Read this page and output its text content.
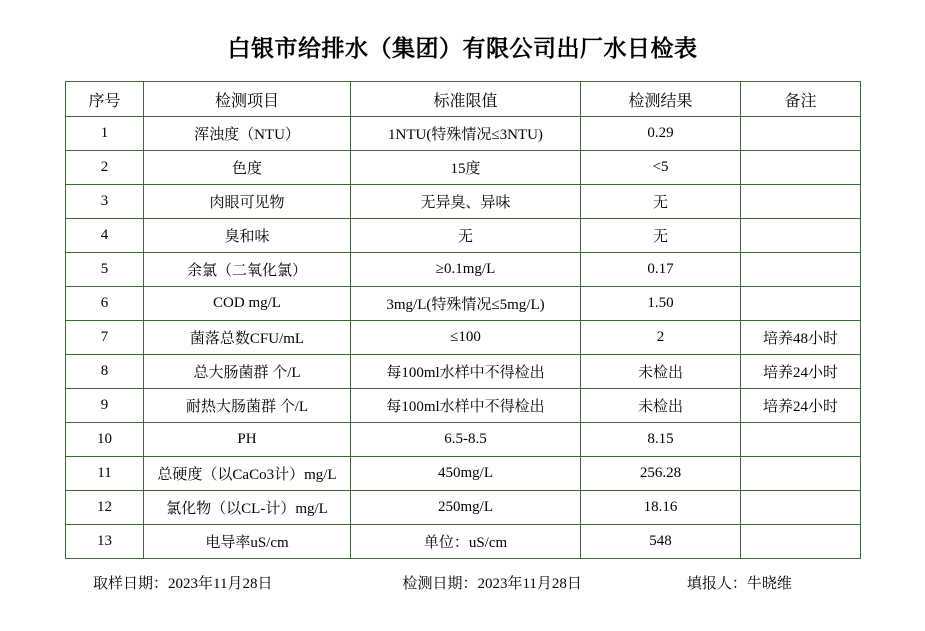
白银市给排水（集团）有限公司出厂水日检表
序号	检测项目	标准限值	检测结果	备注
1	浑浊度（NTU）	1NTU(特殊情况≤3NTU)	0.29	
2	色度	15度	<5	
3	肉眼可见物	无异臭、异味	无	
4	臭和味	无	无	
5	余氯（二氧化氯）	≥0.1mg/L	0.17	
6	COD mg/L	3mg/L(特殊情况≤5mg/L)	1.50	
7	菌落总数CFU/mL	≤100	2	培养48小时
8	总大肠菌群 个/L	每100ml水样中不得检出	未检出	培养24小时
9	耐热大肠菌群 个/L	每100ml水样中不得检出	未检出	培养24小时
10	PH	6.5-8.5	8.15	
11	总硬度（以CaCo3计）mg/L	450mg/L	256.28	
12	氯化物（以CL-计）mg/L	250mg/L	18.16	
13	电导率uS/cm	单位：uS/cm	548	
取样日期：2023年11月28日	检测日期：2023年11月28日	填报人：牛晓维
